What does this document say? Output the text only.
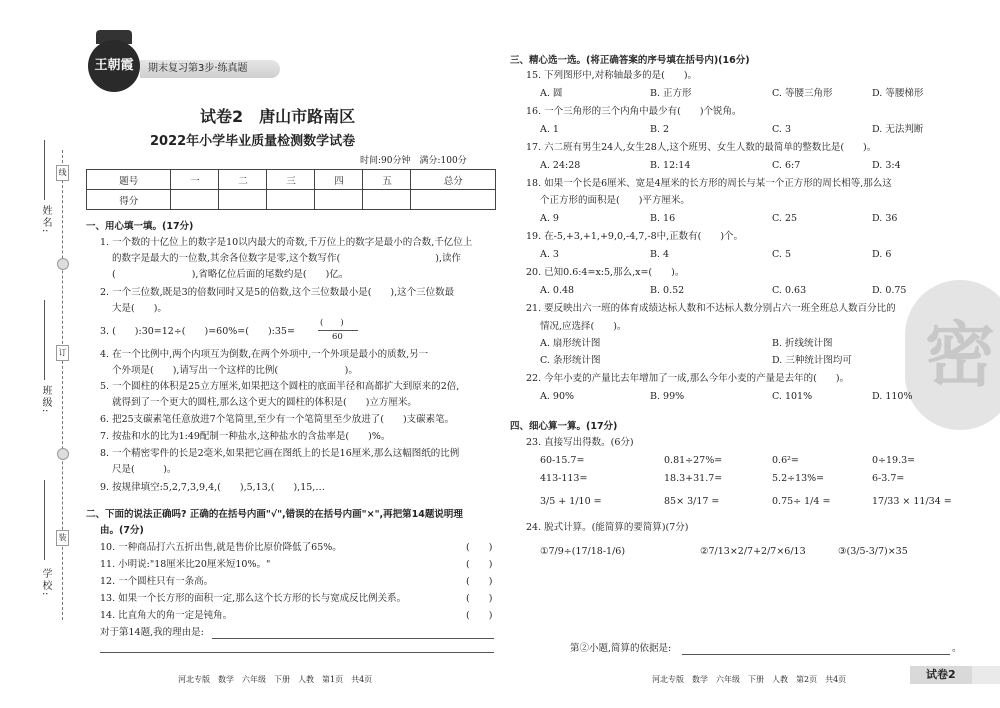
线
订
装
姓名:
班级:
学校:
王朝霞	期末复习第3步·练真题
试卷2　唐山市路南区
2022年小学毕业质量检测数学试卷
时间:90分钟　满分:100分
题号	一	二	三	四	五	总分
得分						
一、用心填一填。(17分)
1. 一个数的十亿位上的数字是10以内最大的奇数,千万位上的数字是最小的合数,千亿位上
的数字是最大的一位数,其余各位数字是零,这个数写作(　　　　　　　　　　),读作
(　　　　　　　　),省略亿位后面的尾数约是(　　)亿。
2. 一个三位数,既是3的倍数同时又是5的倍数,这个三位数最小是(　　),这个三位数最
大是(　　)。
3. (　　):30=12÷(　　)=60%=(　　):35=
(　　)
60
4. 在一个比例中,两个内项互为倒数,在两个外项中,一个外项是最小的质数,另一
个外项是(　　),请写出一个这样的比例(　　　　　　　)。
5. 一个圆柱的体积是25立方厘米,如果把这个圆柱的底面半径和高都扩大到原来的2倍,
就得到了一个更大的圆柱,那么这个更大的圆柱的体积是(　　)立方厘米。
6. 把25支碳素笔任意放进7个笔筒里,至少有一个笔筒里至少放进了(　　)支碳素笔。
7. 按盐和水的比为1:49配制一种盐水,这种盐水的含盐率是(　　)%。
8. 一个精密零件的长是2毫米,如果把它画在图纸上的长是16厘米,那么这幅图纸的比例
尺是(　　　)。
9. 按规律填空:5,2,7,3,9,4,(　　),5,13,(　　),15,…
二、下面的说法正确吗? 正确的在括号内画"√",错误的在括号内画"×",再把第14题说明理
由。(7分)
10. 一种商品打六五折出售,就是售价比原价降低了65%。	(　　)
11. 小明说:"18厘米比20厘米短10%。"	(　　)
12. 一个圆柱只有一条高。	(　　)
13. 如果一个长方形的面积一定,那么这个长方形的长与宽成反比例关系。	(　　)
14. 比直角大的角一定是钝角。	(　　)
对于第14题,我的理由是:
河北专版　数学　六年级　下册　人教　第1页　共4页
密
三、精心选一选。(将正确答案的序号填在括号内)(16分)
15. 下列图形中,对称轴最多的是(　　)。
A. 圆	B. 正方形	C. 等腰三角形	D. 等腰梯形
16. 一个三角形的三个内角中最少有(　　)个锐角。
A. 1	B. 2	C. 3	D. 无法判断
17. 六二班有男生24人,女生28人,这个班男、女生人数的最简单的整数比是(　　)。
A. 24:28	B. 12:14	C. 6:7	D. 3:4
18. 如果一个长是6厘米、宽是4厘米的长方形的周长与某一个正方形的周长相等,那么这
个正方形的面积是(　　)平方厘米。
A. 9	B. 16	C. 25	D. 36
19. 在-5,+3,+1,+9,0,-4,7,-8中,正数有(　　)个。
A. 3	B. 4	C. 5	D. 6
20. 已知0.6:4=x:5,那么,x=(　　)。
A. 0.48	B. 0.52	C. 0.63	D. 0.75
21. 要反映出六一班的体育成绩达标人数和不达标人数分别占六一班全班总人数百分比的
情况,应选择(　　)。
A. 扇形统计图	B. 折线统计图
C. 条形统计图	D. 三种统计图均可
22. 今年小麦的产量比去年增加了一成,那么今年小麦的产量是去年的(　　)。
A. 90%	B. 99%	C. 101%	D. 110%
四、细心算一算。(17分)
23. 直接写出得数。(6分)
60-15.7=	0.81÷27%=	0.6²=	0÷19.3=
413-113=	18.3+31.7=	5.2÷13%=	6-3.7=
3/5 + 1/10 =	85× 3/17 =	0.75÷ 1/4 =	17/33 × 11/34 =
24. 脱式计算。(能简算的要简算)(7分)
①7/9÷(17/18-1/6)	②7/13×2/7+2/7×6/13	③(3/5-3/7)×35
第②小题,简算的依据是:	。
河北专版　数学　六年级　下册　人教　第2页　共4页	试卷2
